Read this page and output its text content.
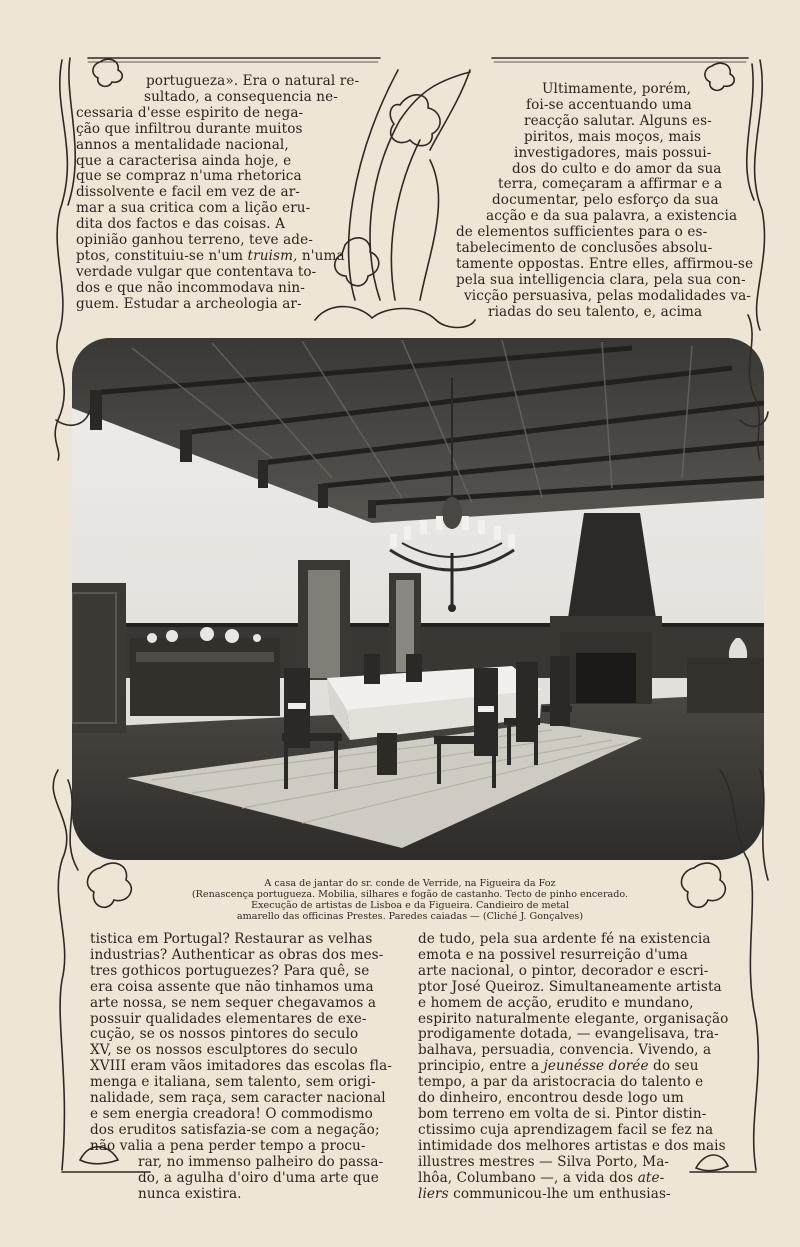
portugueza». Era o natural re-
sultado, a consequencia ne-
cessaria d'esse espirito de nega-
ção que infiltrou durante muitos
annos a mentalidade nacional,
que a caracterisa ainda hoje, e
que se compraz n'uma rhetorica
dissolvente e facil em vez de ar-
mar a sua critica com a lição eru-
dita dos factos e das coisas. A
opinião ganhou terreno, teve ade-
ptos, constituiu-se n'um truism, n'uma
verdade vulgar que contentava to-
dos e que não incommodava nin-
guem. Estudar a archeologia ar-
Ultimamente, porém,
foi-se accentuando uma
reacção salutar. Alguns es-
piritos, mais moços, mais
investigadores, mais possui-
dos do culto e do amor da sua
terra, começaram a affirmar e a
documentar, pelo esforço da sua
acção e da sua palavra, a existencia
de elementos sufficientes para o es-
tabelecimento de conclusões absolu-
tamente oppostas. Entre elles, affirmou-se
pela sua intelligencia clara, pela sua con-
vicção persuasiva, pelas modalidades va-
riadas do seu talento, e, acima
A casa de jantar do sr. conde de Verride, na Figueira da Foz
(Renascença portugueza. Mobilia, silhares e fogão de castanho. Tecto de pinho encerado.
Execução de artistas de Lisboa e da Figueira. Candieiro de metal
amarello das officinas Prestes. Paredes caiadas — (Cliché J. Gonçalves)
tistica em Portugal? Restaurar as velhas
industrias? Authenticar as obras dos mes-
tres gothicos portuguezes? Para quê, se
era coisa assente que não tinhamos uma
arte nossa, se nem sequer chegavamos a
possuir qualidades elementares de exe-
cução, se os nossos pintores do seculo
XV, se os nossos esculptores do seculo
XVIII eram vãos imitadores das escolas fla-
menga e italiana, sem talento, sem origi-
nalidade, sem raça, sem caracter nacional
e sem energia creadora! O commodismo
dos eruditos satisfazia-se com a negação;
não valia a pena perder tempo a procu-
rar, no immenso palheiro do passa-
do, a agulha d'oiro d'uma arte que
nunca existira.
de tudo, pela sua ardente fé na existencia
emota e na possivel resurreição d'uma
arte nacional, o pintor, decorador e escri-
ptor José Queiroz. Simultaneamente artista
e homem de acção, erudito e mundano,
espirito naturalmente elegante, organisação
prodigamente dotada, — evangelisava, tra-
balhava, persuadia, convencia. Vivendo, a
principio, entre a jeunésse dorée do seu
tempo, a par da aristocracia do talento e
do dinheiro, encontrou desde logo um
bom terreno em volta de si. Pintor distin-
ctissimo cuja aprendizagem facil se fez na
intimidade dos melhores artistas e dos mais
illustres mestres — Silva Porto, Ma-
lhôa, Columbano —, a vida dos ate-
liers communicou-lhe um enthusias-
